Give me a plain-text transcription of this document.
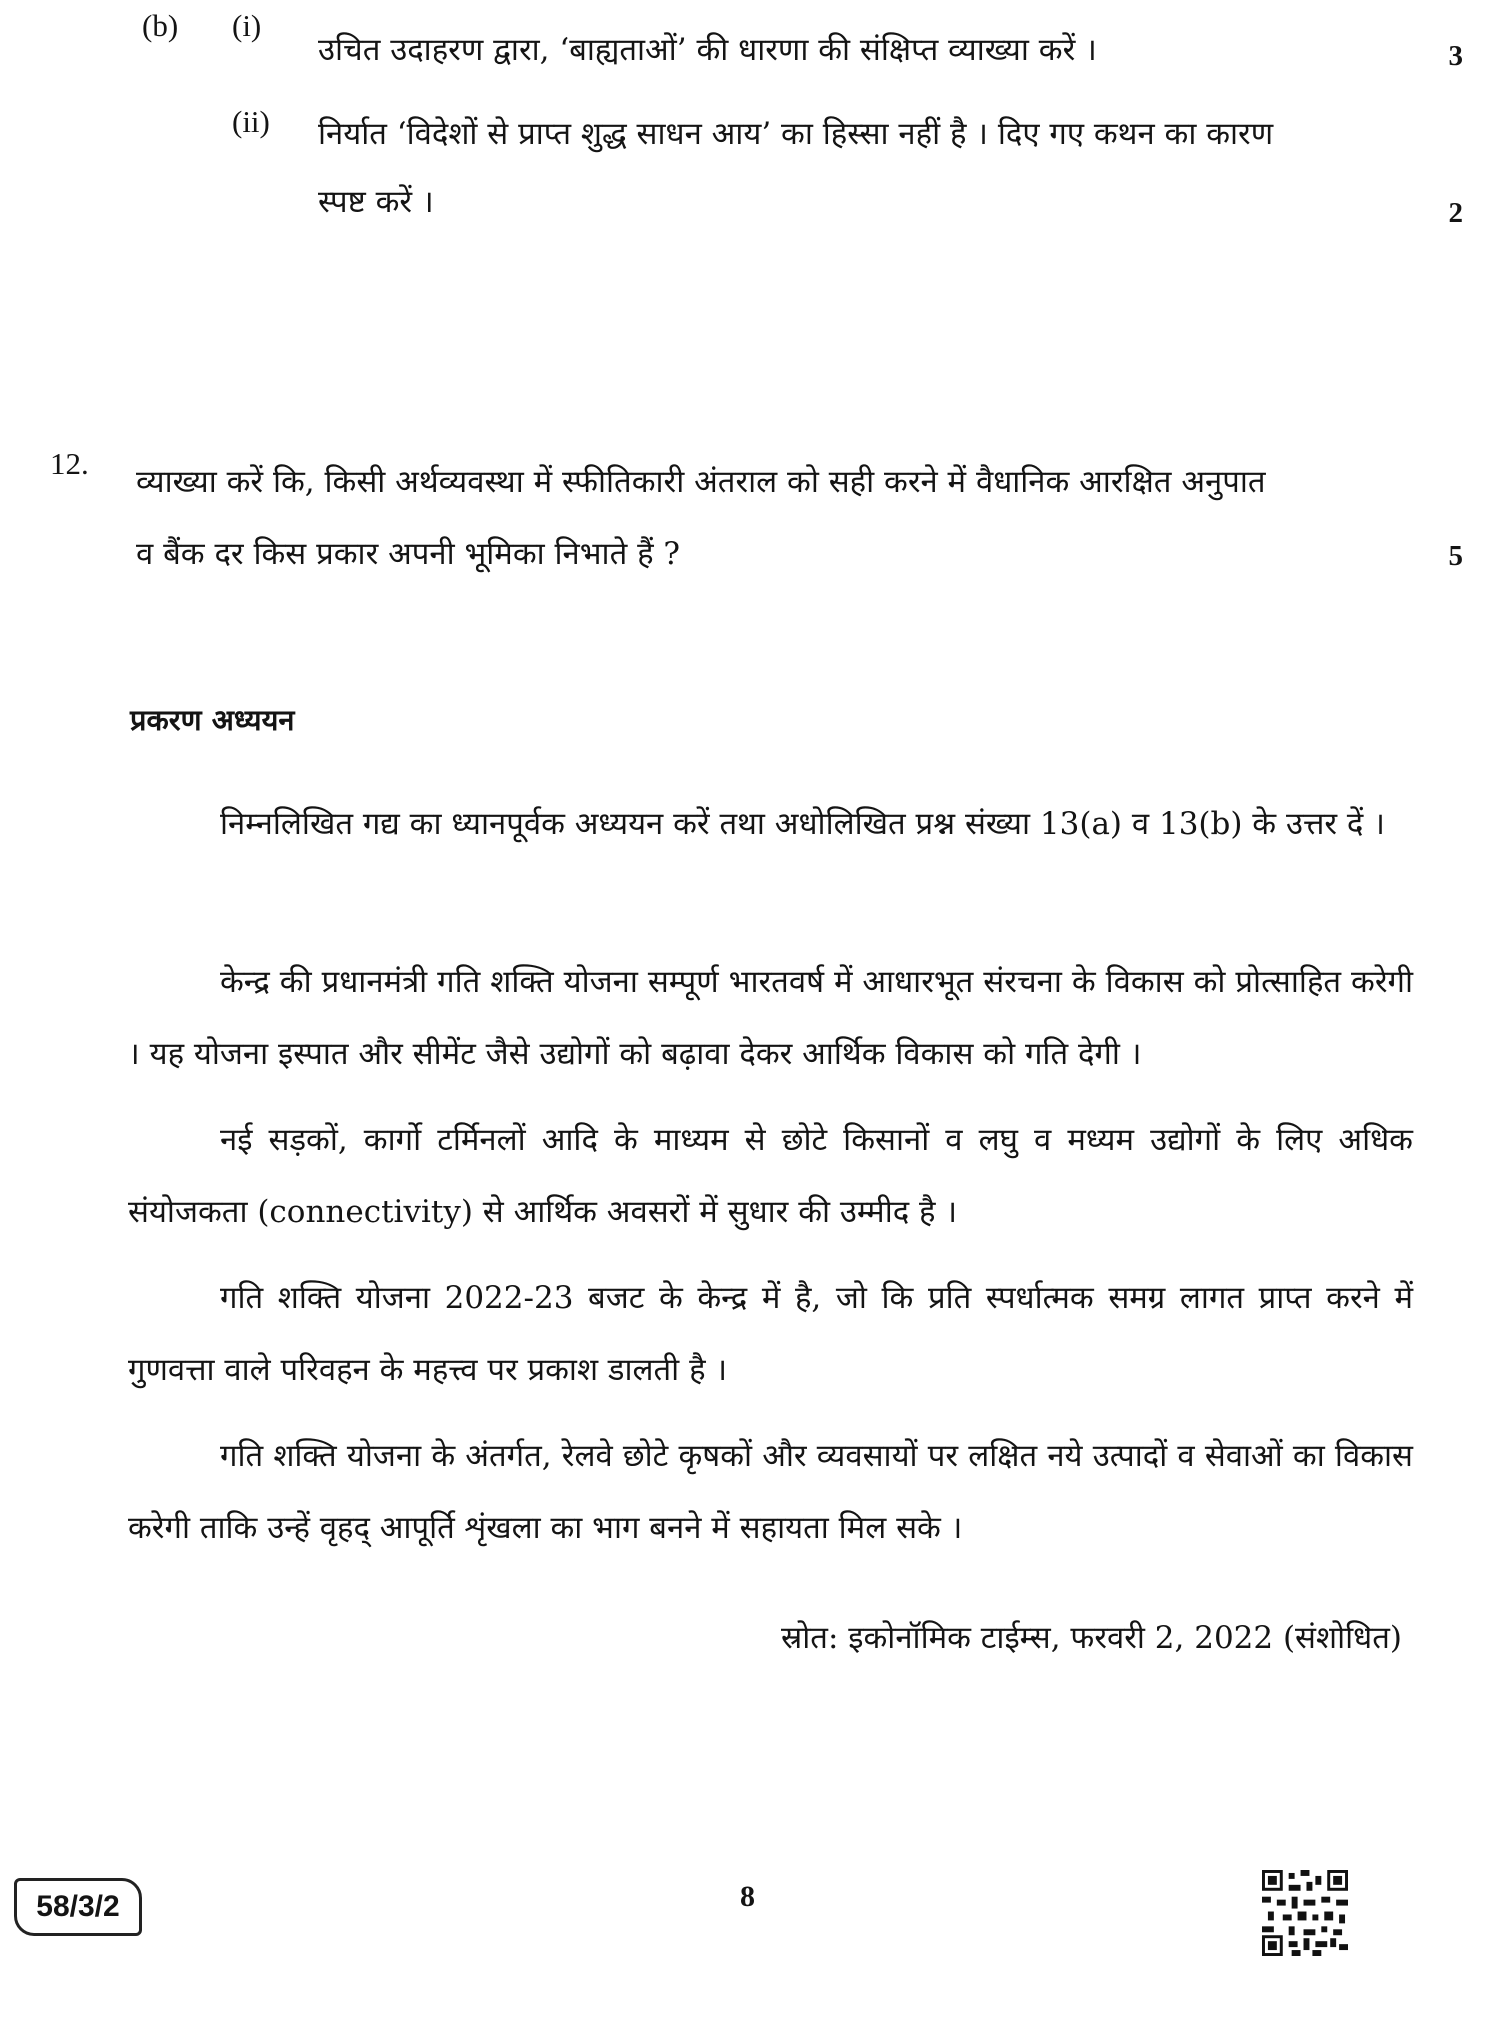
(b) (i)
उचित उदाहरण द्वारा, ‘बाह्यताओं’ की धारणा की संक्षिप्त व्याख्या करें ।	3
(ii) निर्यात ‘विदेशों से प्राप्त शुद्ध साधन आय’ का हिस्सा नहीं है । दिए गए कथन का कारण
स्पष्ट करें ।	2
12.
व्याख्या करें कि, किसी अर्थव्यवस्था में स्फीतिकारी अंतराल को सही करने में वैधानिक आरक्षित अनुपात
व बैंक दर किस प्रकार अपनी भूमिका निभाते हैं ?	5
प्रकरण अध्ययन
निम्नलिखित गद्य का ध्यानपूर्वक अध्ययन करें तथा अधोलिखित प्रश्न संख्या 13(a) व 13(b) के उत्तर दें ।
केन्द्र की प्रधानमंत्री गति शक्ति योजना सम्पूर्ण भारतवर्ष में आधारभूत संरचना के विकास को प्रोत्साहित करेगी । यह योजना इस्पात और सीमेंट जैसे उद्योगों को बढ़ावा देकर आर्थिक विकास को गति देगी ।
नई सड़कों, कार्गो टर्मिनलों आदि के माध्यम से छोटे किसानों व लघु व मध्यम उद्योगों के लिए अधिक संयोजकता (connectivity) से आर्थिक अवसरों में सुधार की उम्मीद है ।
गति शक्ति योजना 2022-23 बजट के केन्द्र में है, जो कि प्रति स्पर्धात्मक समग्र लागत प्राप्त करने में गुणवत्ता वाले परिवहन के महत्त्व पर प्रकाश डालती है ।
गति शक्ति योजना के अंतर्गत, रेलवे छोटे कृषकों और व्यवसायों पर लक्षित नये उत्पादों व सेवाओं का विकास करेगी ताकि उन्हें वृहद् आपूर्ति शृंखला का भाग बनने में सहायता मिल सके ।
स्रोत: इकोनॉमिक टाईम्स, फरवरी 2, 2022 (संशोधित)
58/3/2	8
